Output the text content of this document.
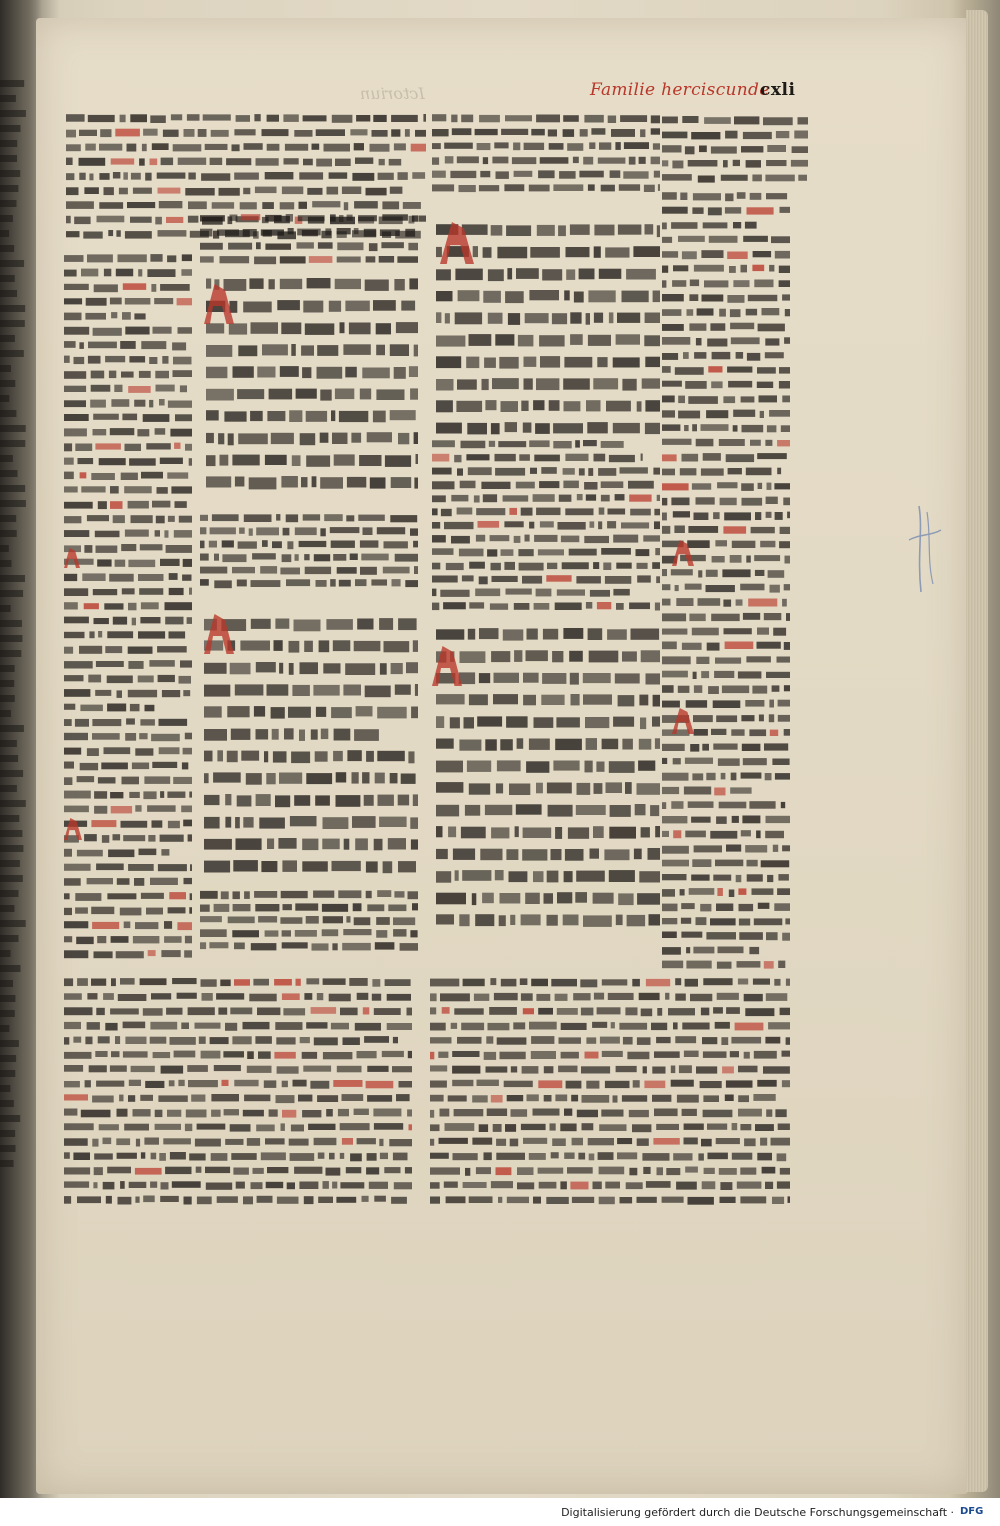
Ictoriun	Familie herciscunde
cxli
Digitalisierung gefördert durch die Deutsche Forschungsgemeinschaft · DFG
